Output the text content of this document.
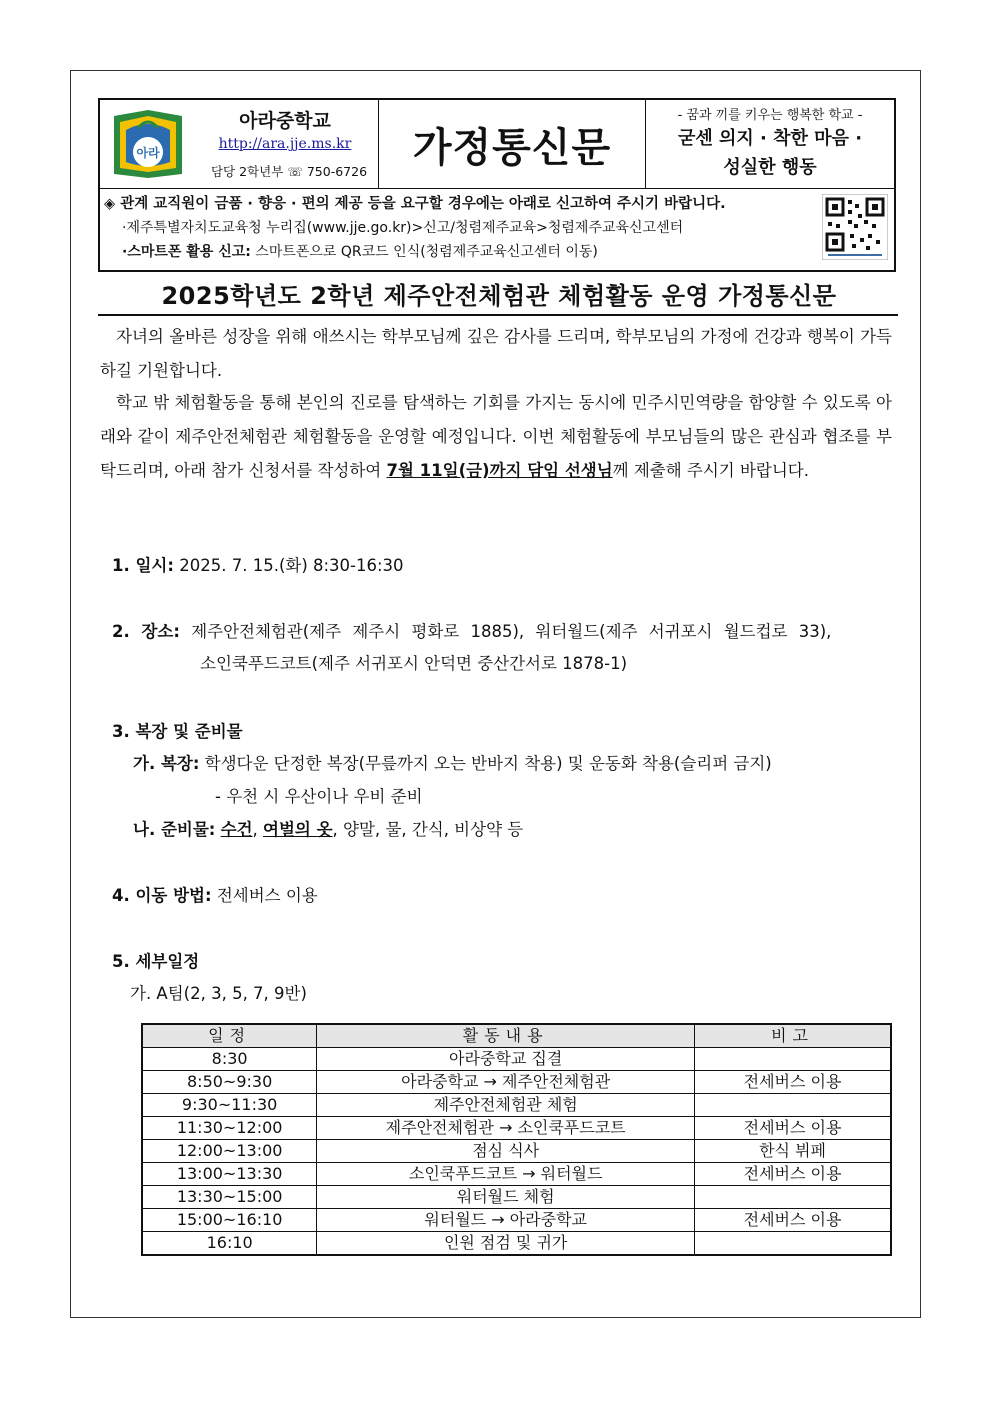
아라
아라중학교
http://ara.jje.ms.kr
담당 2학년부 ☏ 750-6726
가정통신문
- 꿈과 끼를 키우는 행복한 학교 -
굳센 의지 · 착한 마음 ·
성실한 행동
◈ 관계 교직원이 금품 · 향응 · 편의 제공 등을 요구할 경우에는 아래로 신고하여 주시기 바랍니다.
·제주특별자치도교육청 누리집(www.jje.go.kr)>신고/청렴제주교육>청렴제주교육신고센터
·스마트폰 활용 신고: 스마트폰으로 QR코드 인식(청렴제주교육신고센터 이동)
2025학년도 2학년 제주안전체험관 체험활동 운영 가정통신문
자녀의 올바른 성장을 위해 애쓰시는 학부모님께 깊은 감사를 드리며, 학부모님의 가정에 건강과 행복이 가득하길 기원합니다.
학교 밖 체험활동을 통해 본인의 진로를 탐색하는 기회를 가지는 동시에 민주시민역량을 함양할 수 있도록 아래와 같이 제주안전체험관 체험활동을 운영할 예정입니다. 이번 체험활동에 부모님들의 많은 관심과 협조를 부탁드리며, 아래 참가 신청서를 작성하여 7월 11일(금)까지 담임 선생님께 제출해 주시기 바랍니다.
1. 일시: 2025. 7. 15.(화) 8:30-16:30
2. 장소: 제주안전체험관(제주 제주시 평화로 1885), 워터월드(제주 서귀포시 월드컵로 33),
소인쿡푸드코트(제주 서귀포시 안덕면 중산간서로 1878-1)
3. 복장 및 준비물
가. 복장: 학생다운 단정한 복장(무릎까지 오는 반바지 착용) 및 운동화 착용(슬리퍼 금지)
- 우천 시 우산이나 우비 준비
나. 준비물: 수건, 여벌의 옷, 양말, 물, 간식, 비상약 등
4. 이동 방법: 전세버스 이용
5. 세부일정
가. A팀(2, 3, 5, 7, 9반)
일정	활동내용	비고
8:30	아라중학교 집결	
8:50~9:30	아라중학교 → 제주안전체험관	전세버스 이용
9:30~11:30	제주안전체험관 체험	
11:30~12:00	제주안전체험관 → 소인쿡푸드코트	전세버스 이용
12:00~13:00	점심 식사	한식 뷔페
13:00~13:30	소인쿡푸드코트 → 워터월드	전세버스 이용
13:30~15:00	워터월드 체험	
15:00~16:10	워터월드 → 아라중학교	전세버스 이용
16:10	인원 점검 및 귀가	
